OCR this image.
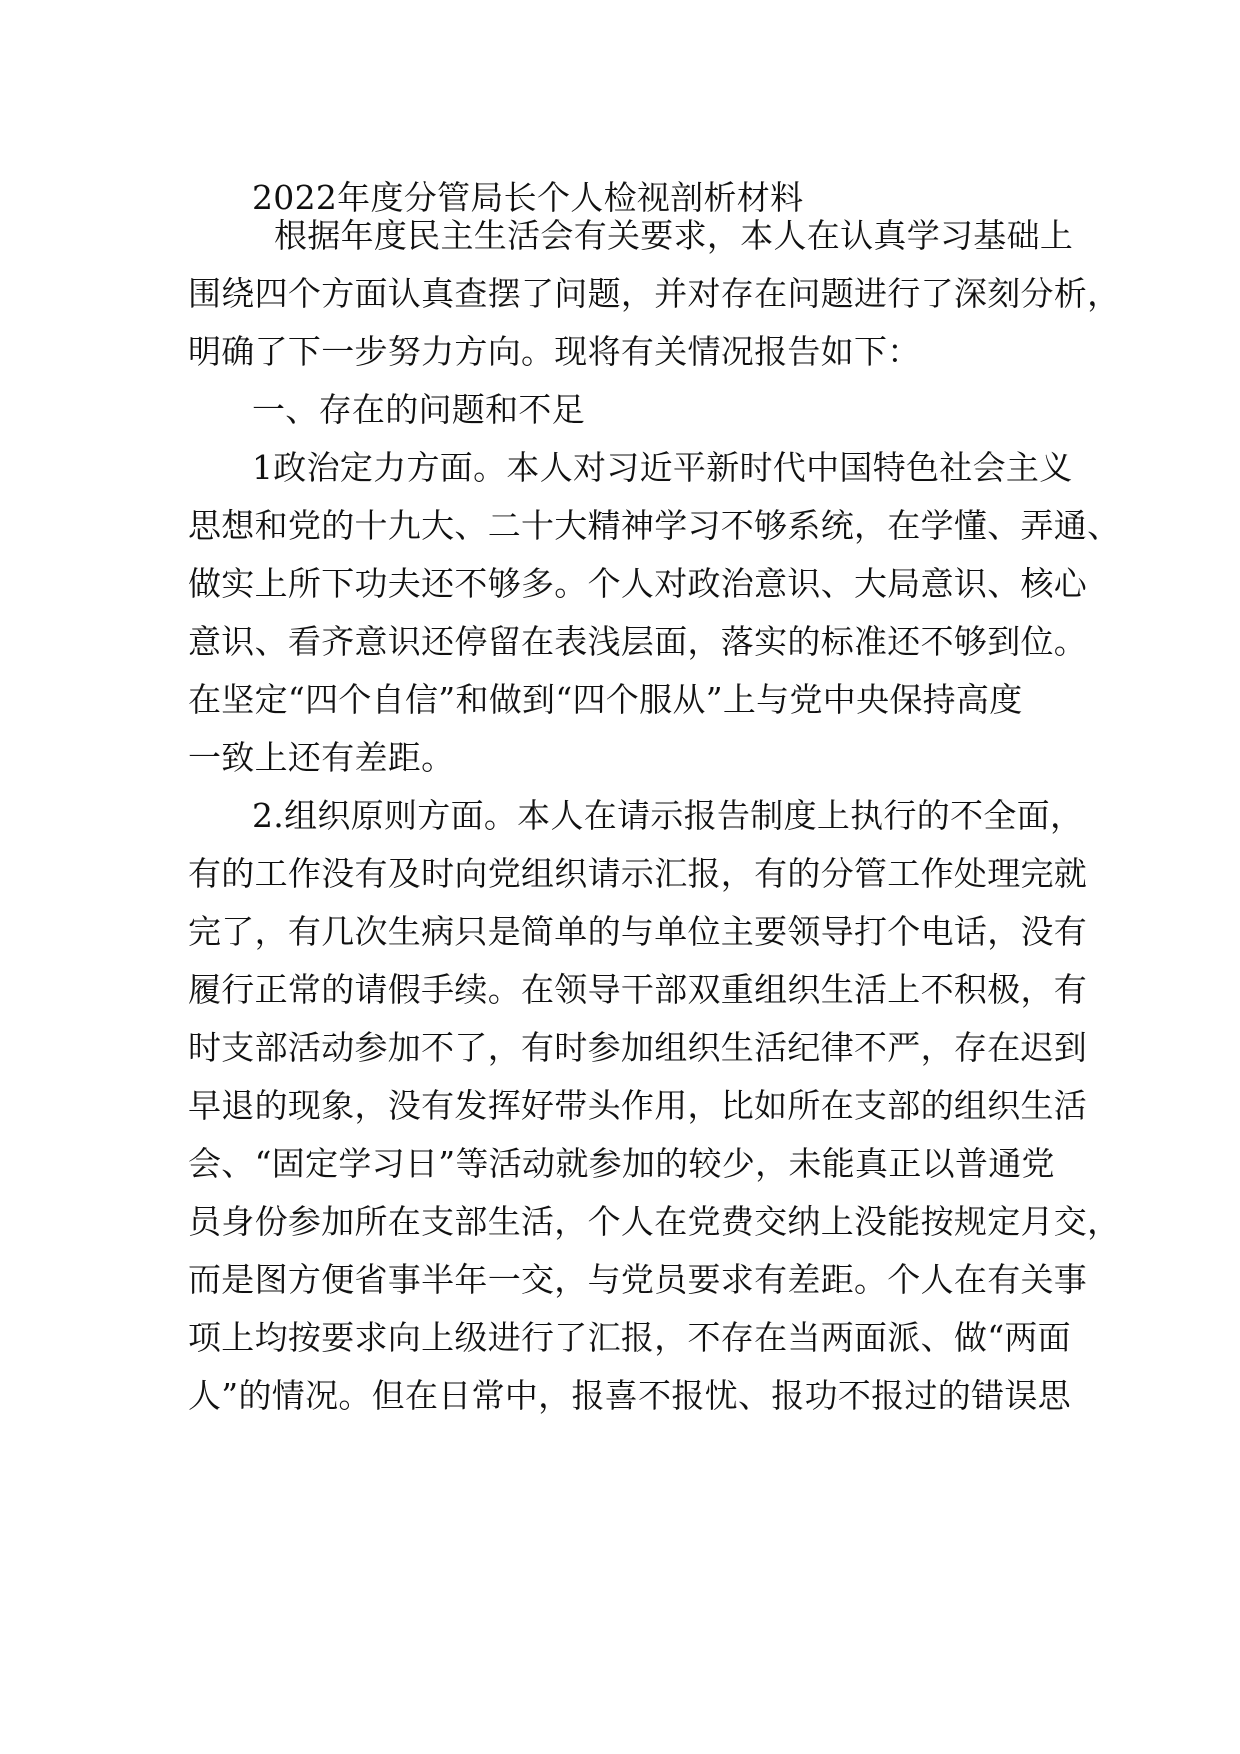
2022年度分管局长个人检视剖析材料
根据年度民主生活会有关要求，本人在认真学习基础上
围绕四个方面认真查摆了问题，并对存在问题进行了深刻分析，
明确了下一步努力方向。现将有关情况报告如下：
一、存在的问题和不足
1政治定力方面。本人对习近平新时代中国特色社会主义
思想和党的十九大、二十大精神学习不够系统，在学懂、弄通、
做实上所下功夫还不够多。个人对政治意识、大局意识、核心
意识、看齐意识还停留在表浅层面，落实的标准还不够到位。
在坚定“四个自信”和做到“四个服从”上与党中央保持高度
一致上还有差距。
2.组织原则方面。本人在请示报告制度上执行的不全面，
有的工作没有及时向党组织请示汇报，有的分管工作处理完就
完了，有几次生病只是简单的与单位主要领导打个电话，没有
履行正常的请假手续。在领导干部双重组织生活上不积极，有
时支部活动参加不了，有时参加组织生活纪律不严，存在迟到
早退的现象，没有发挥好带头作用，比如所在支部的组织生活
会、“固定学习日”等活动就参加的较少，未能真正以普通党
员身份参加所在支部生活，个人在党费交纳上没能按规定月交，
而是图方便省事半年一交，与党员要求有差距。个人在有关事
项上均按要求向上级进行了汇报，不存在当两面派、做“两面
人”的情况。但在日常中，报喜不报忧、报功不报过的错误思
